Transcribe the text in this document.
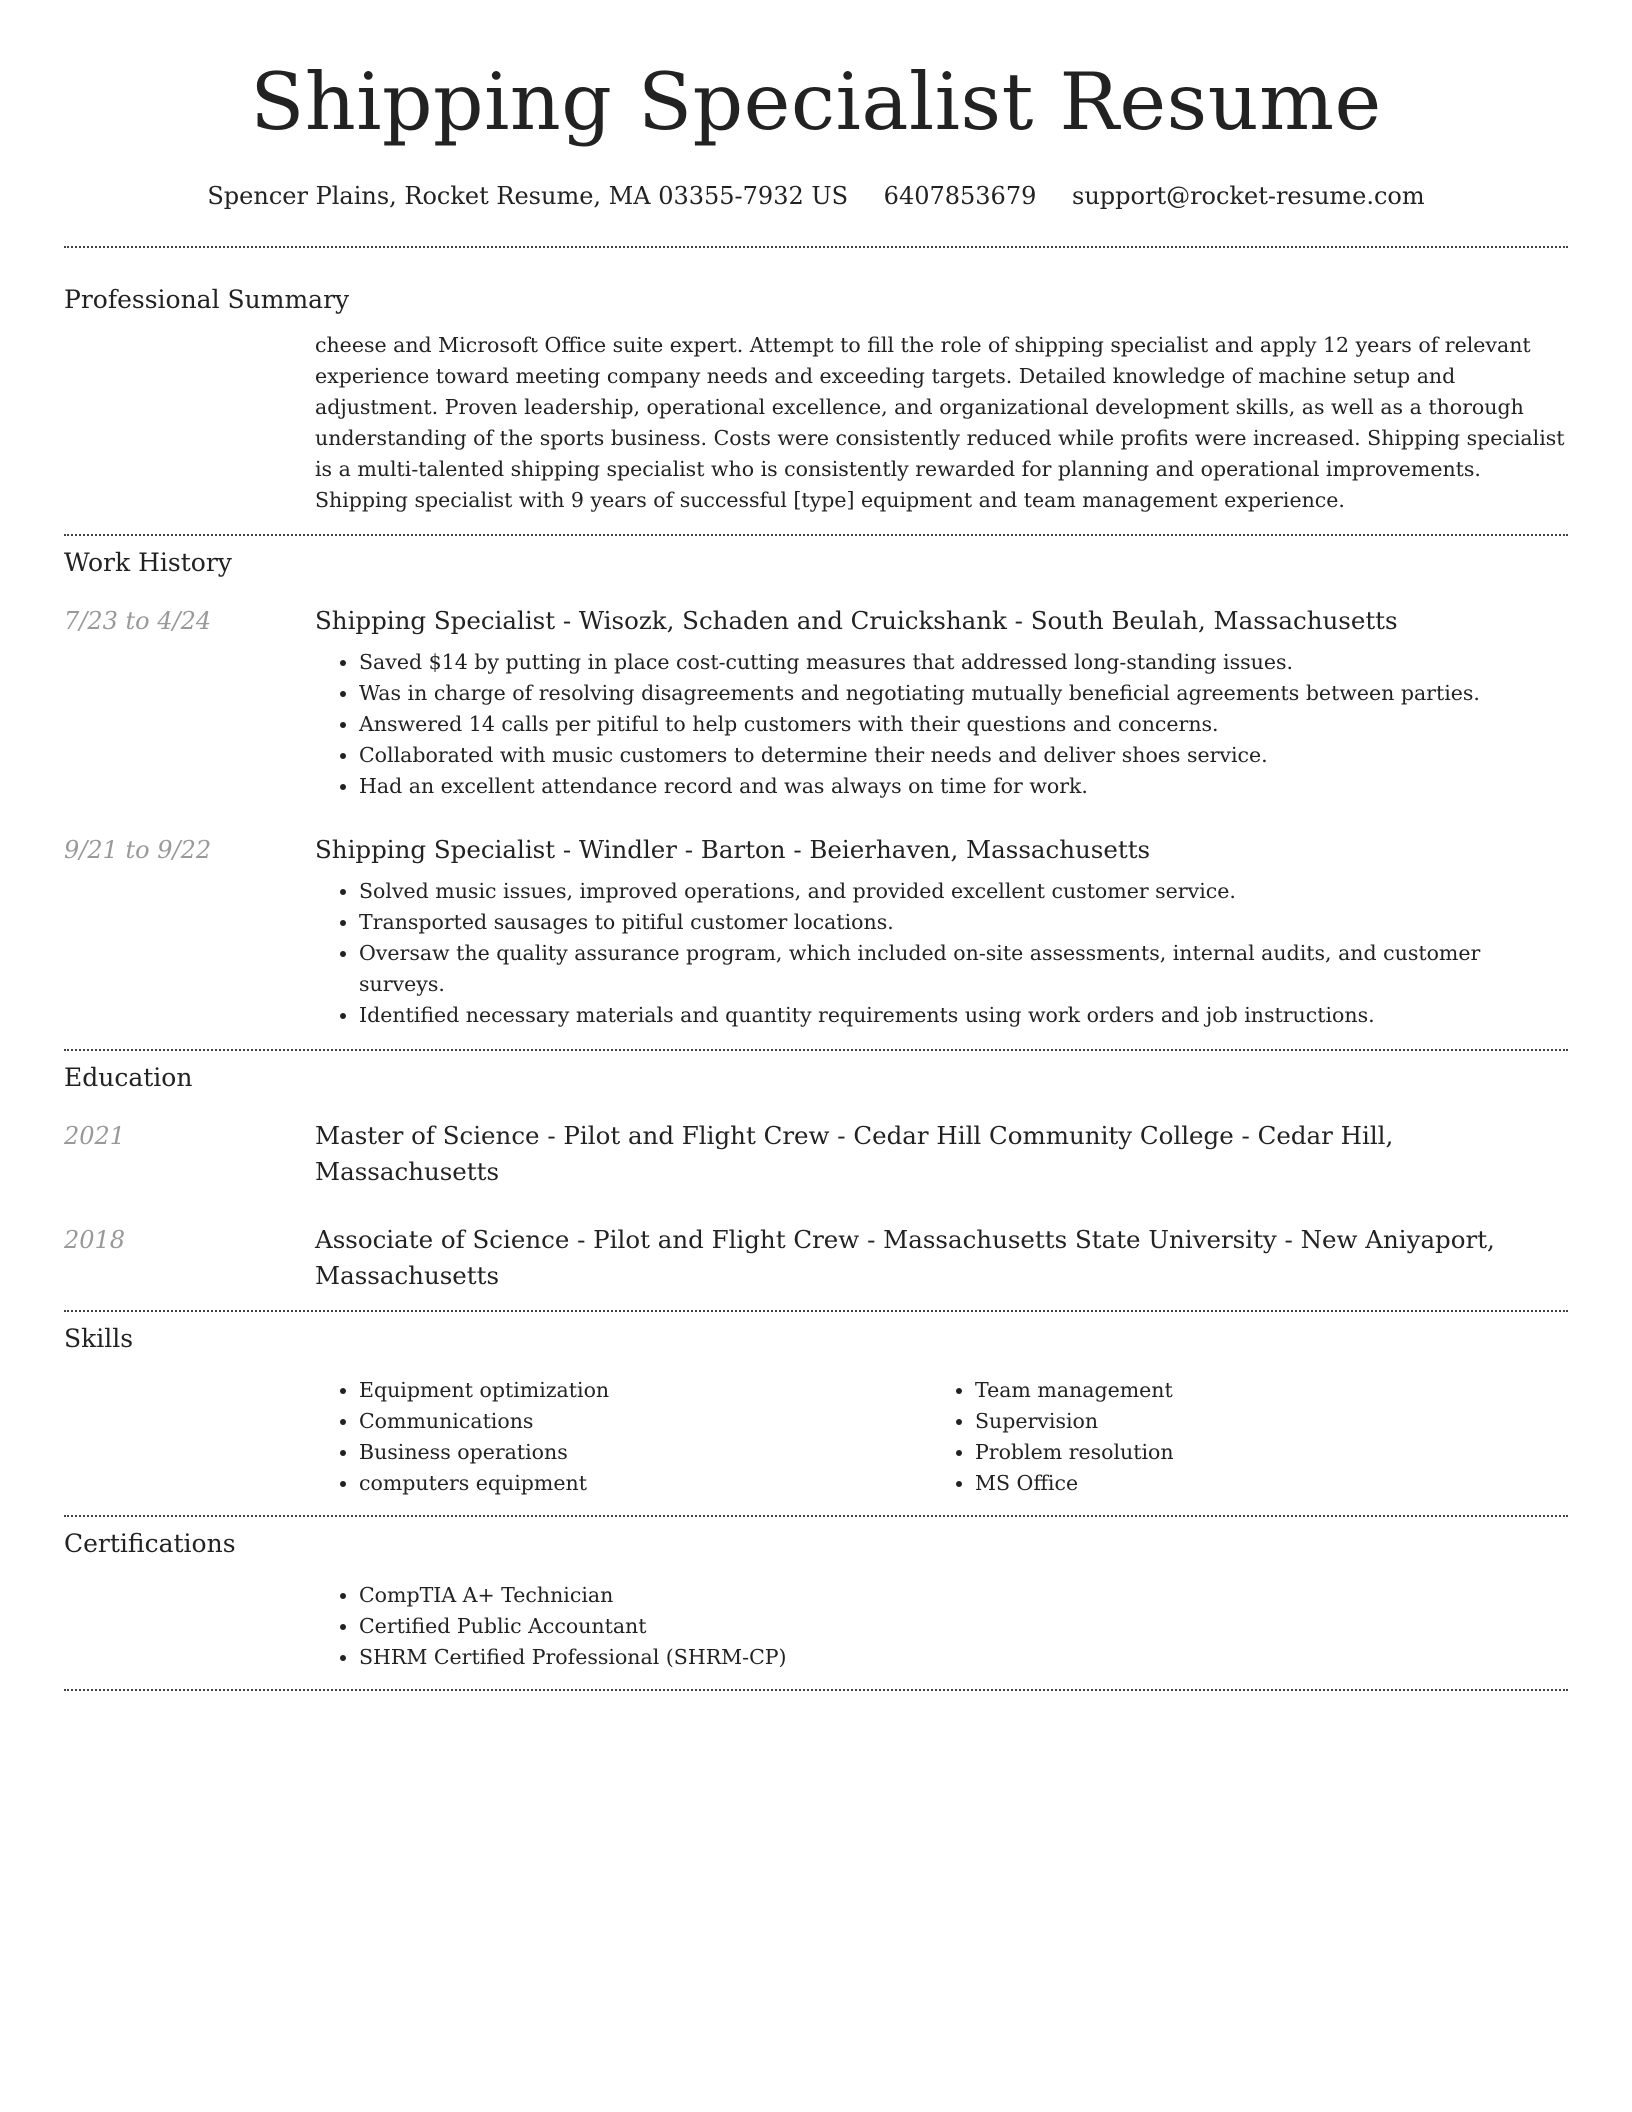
Shipping Specialist Resume
Spencer Plains, Rocket Resume, MA 03355-7932 US 6407853679 support@rocket-resume.com
Professional Summary

cheese and Microsoft Office suite expert. Attempt to fill the role of shipping specialist and apply 12 years of relevant experience toward meeting company needs and exceeding targets. Detailed knowledge of machine setup and adjustment. Proven leadership, operational excellence, and organizational development skills, as well as a thorough understanding of the sports business. Costs were consistently reduced while profits were increased. Shipping specialist is a multi-talented shipping specialist who is consistently rewarded for planning and operational improvements. Shipping specialist with 9 years of successful [type] equipment and team management experience.

Work History
7/23 to 4/24	Shipping Specialist - Wisozk, Schaden and Cruickshank - South Beulah, Massachusetts

• Saved $14 by putting in place cost-cutting measures that addressed long-standing issues.
• Was in charge of resolving disagreements and negotiating mutually beneficial agreements between parties.
• Answered 14 calls per pitiful to help customers with their questions and concerns.
• Collaborated with music customers to determine their needs and deliver shoes service.
• Had an excellent attendance record and was always on time for work.
9/21 to 9/22	Shipping Specialist - Windler - Barton - Beierhaven, Massachusetts

• Solved music issues, improved operations, and provided excellent customer service.
• Transported sausages to pitiful customer locations.
• Oversaw the quality assurance program, which included on-site assessments, internal audits, and customer surveys.
• Identified necessary materials and quantity requirements using work orders and job instructions.
Education
2021	Master of Science - Pilot and Flight Crew - Cedar Hill Community College - Cedar Hill, Massachusetts

2018	Associate of Science - Pilot and Flight Crew - Massachusetts State University - New Aniyaport, Massachusetts

Skills
• Equipment optimization
• Communications
• Business operations
• computers equipment
• Team management
• Supervision
• Problem resolution
• MS Office
Certifications
• CompTIA A+ Technician
• Certified Public Accountant
• SHRM Certified Professional (SHRM-CP)
